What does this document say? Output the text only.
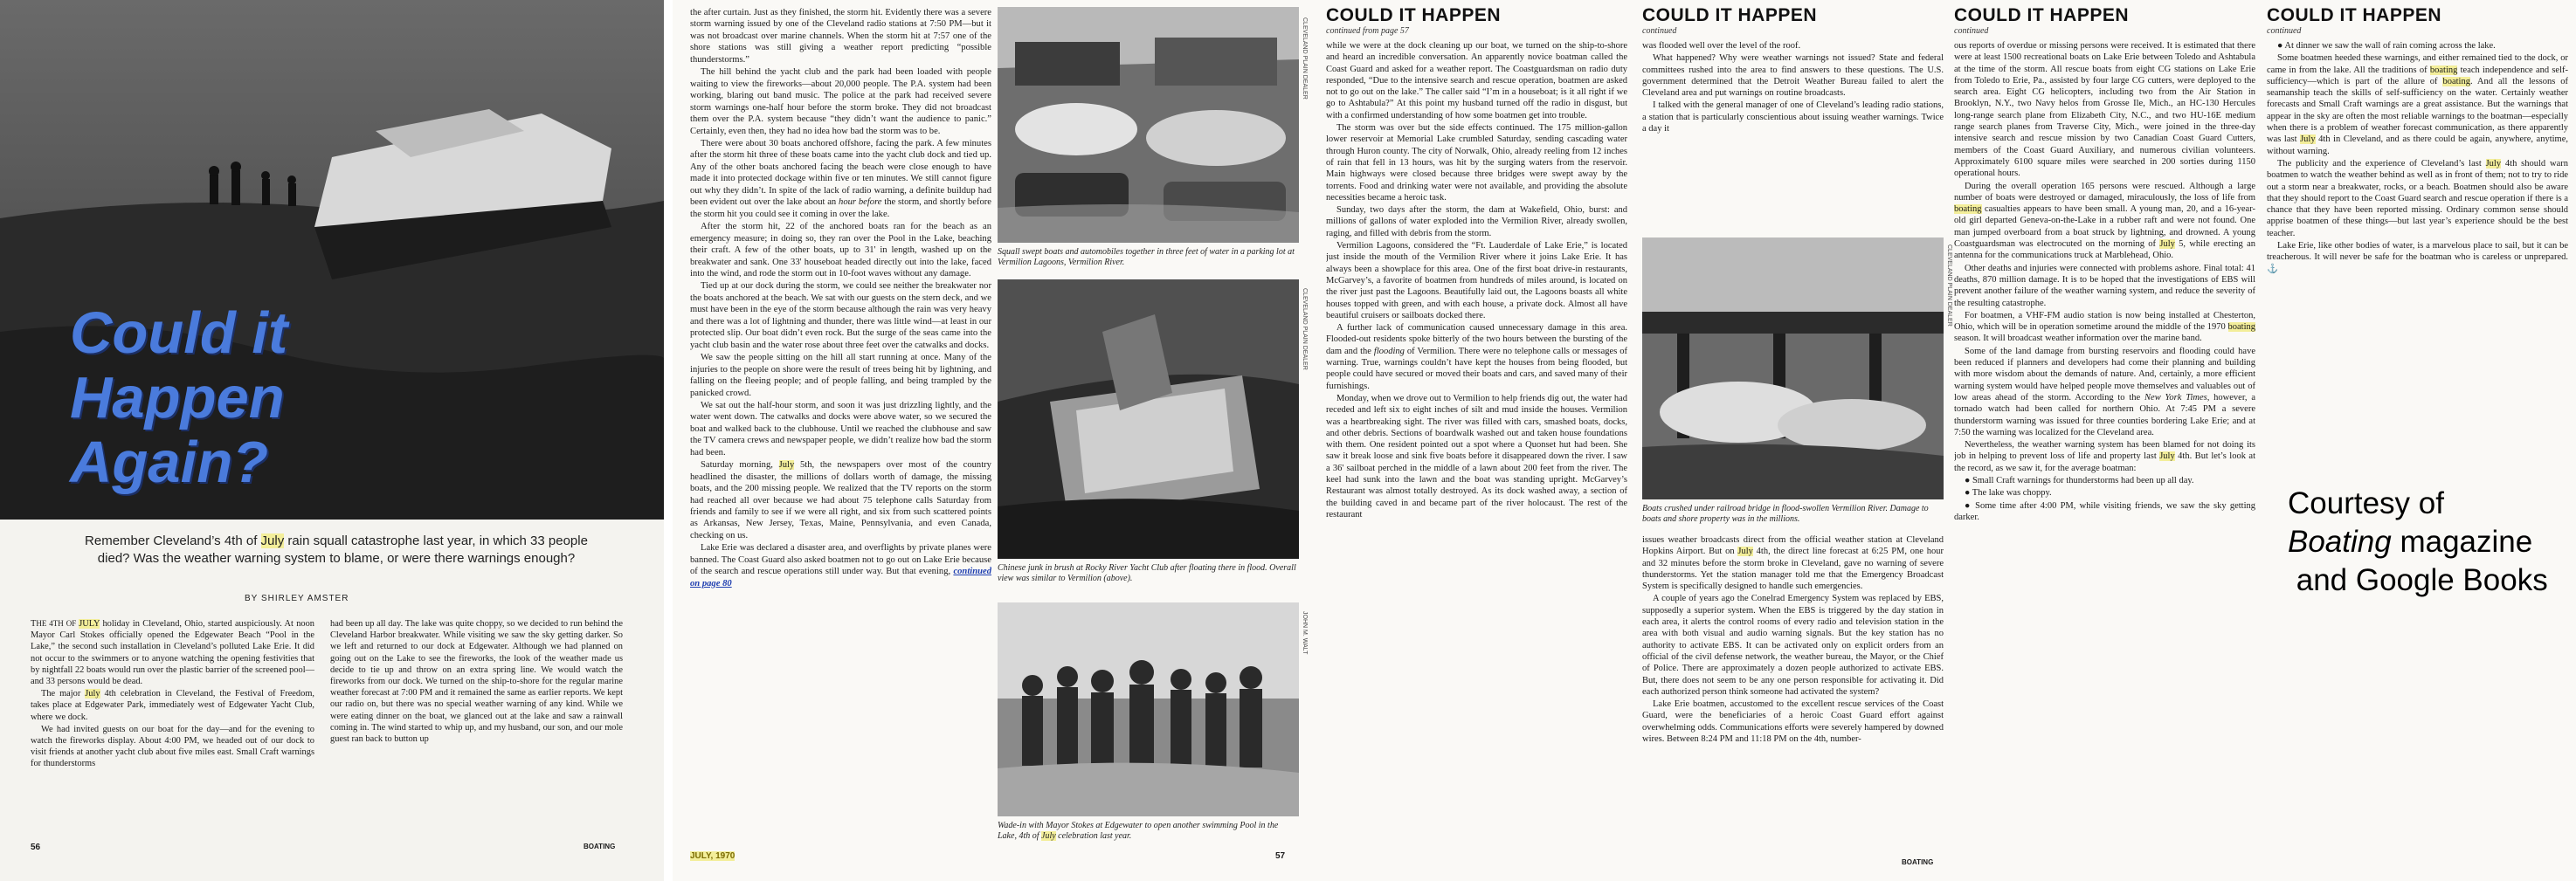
Could it
Happen
Again?
Remember Cleveland’s 4th of July rain squall catastrophe last year, in which 33 people died? Was the weather warning system to blame, or were there warnings enough?
BY SHIRLEY AMSTER

THE 4TH OF JULY holiday in Cleveland, Ohio, started auspiciously. At noon Mayor Carl Stokes officially opened the Edgewater Beach “Pool in the Lake,” the second such installation in Cleveland’s polluted Lake Erie. It did not occur to the swimmers or to anyone watching the opening festivities that by nightfall 22 boats would run over the plastic barrier of the screened pool—and 33 persons would be dead.

The major July 4th celebration in Cleveland, the Festival of Freedom, takes place at Edgewater Park, immediately west of Edgewater Yacht Club, where we dock.

We had invited guests on our boat for the day—and for the evening to watch the fireworks display. About 4:00 PM, we headed out of our dock to visit friends at another yacht club about five miles east. Small Craft warnings for thunderstorms

had been up all day. The lake was quite choppy, so we decided to run behind the Cleveland Harbor breakwater. While visiting we saw the sky getting darker. So we left and returned to our dock at Edgewater. Although we had planned on going out on the Lake to see the fireworks, the look of the weather made us decide to tie up and throw on an extra spring line. We would watch the fireworks from our dock. We turned on the ship-to-shore for the regular marine weather forecast at 7:00 PM and it remained the same as earlier reports. We kept our radio on, but there was no special weather warning of any kind. While we were eating dinner on the boat, we glanced out at the lake and saw a rainwall coming in. The wind started to whip up, and my husband, our son, and our mole guest ran back to button up
56	BOATING

the after curtain. Just as they finished, the storm hit. Evidently there was a severe storm warning issued by one of the Cleveland radio stations at 7:50 PM—but it was not broadcast over marine channels. When the storm hit at 7:57 one of the shore stations was still giving a weather report predicting “possible thunderstorms.”

The hill behind the yacht club and the park had been loaded with people waiting to view the fireworks—about 20,000 people. The P.A. system had been working, blaring out band music. The police at the park had received severe storm warnings one-half hour before the storm broke. They did not broadcast them over the P.A. system because “they didn’t want the audience to panic.” Certainly, even then, they had no idea how bad the storm was to be.

There were about 30 boats anchored offshore, facing the park. A few minutes after the storm hit three of these boats came into the yacht club dock and tied up. Any of the other boats anchored facing the beach were close enough to have made it into protected dockage within five or ten minutes. We still cannot figure out why they didn’t. In spite of the lack of radio warning, a definite buildup had been evident out over the lake about an hour before the storm, and shortly before the storm hit you could see it coming in over the lake.

After the storm hit, 22 of the anchored boats ran for the beach as an emergency measure; in doing so, they ran over the Pool in the Lake, beaching their craft. A few of the other boats, up to 31' in length, washed up on the breakwater and sank. One 33' houseboat headed directly out into the lake, faced into the wind, and rode the storm out in 10-foot waves without any damage.

Tied up at our dock during the storm, we could see neither the breakwater nor the boats anchored at the beach. We sat with our guests on the stern deck, and we must have been in the eye of the storm because although the rain was very heavy and there was a lot of lightning and thunder, there was little wind—at least in our protected slip. Our boat didn’t even rock. But the surge of the seas came into the yacht club basin and the water rose about three feet over the catwalks and docks.

We saw the people sitting on the hill all start running at once. Many of the injuries to the people on shore were the result of trees being hit by lightning, and falling on the fleeing people; and of people falling, and being trampled by the panicked crowd.

We sat out the half-hour storm, and soon it was just drizzling lightly, and the water went down. The catwalks and docks were above water, so we secured the boat and walked back to the clubhouse. Until we reached the clubhouse and saw the TV camera crews and newspaper people, we didn’t realize how bad the storm had been.

Saturday morning, July 5th, the newspapers over most of the country headlined the disaster, the millions of dollars worth of damage, the missing boats, and the 200 missing people. We realized that the TV reports on the storm had reached all over because we had about 75 telephone calls Saturday from friends and family to see if we were all right, and six from such scattered points as Arkansas, New Jersey, Texas, Maine, Pennsylvania, and even Canada, checking on us.

Lake Erie was declared a disaster area, and overflights by private planes were banned. The Coast Guard also asked boatmen not to go out on Lake Erie because of the search and rescue operations still under way. But that evening, continued on page 80

CLEVELAND PLAIN DEALER
Squall swept boats and automobiles together in three feet of water in a parking lot at Vermilion Lagoons, Vermilion River.
CLEVELAND PLAIN DEALER
Chinese junk in brush at Rocky River Yacht Club after floating there in flood. Overall view was similar to Vermilion (above).
JOHN M. WALT
Wade-in with Mayor Stokes at Edgewater to open another swimming Pool in the Lake, 4th of July celebration last year.
JULY, 1970	57
COULD IT HAPPEN
continued from page 57

while we were at the dock cleaning up our boat, we turned on the ship-to-shore and heard an incredible conversation. An apparently novice boatman called the Coast Guard and asked for a weather report. The Coastguardsman on radio duty responded, “Due to the intensive search and rescue operation, boatmen are asked not to go out on the lake.” The caller said “I’m in a houseboat; is it all right if we go to Ashtabula?” At this point my husband turned off the radio in disgust, but with a confirmed understanding of how some boatmen get into trouble.

The storm was over but the side effects continued. The 175 million-gallon lower reservoir at Memorial Lake crumbled Saturday, sending cascading water through Huron county. The city of Norwalk, Ohio, already reeling from 12 inches of rain that fell in 13 hours, was hit by the surging waters from the reservoir. Main highways were closed because three bridges were swept away by the torrents. Food and drinking water were not available, and providing the absolute necessities became a heroic task.

Sunday, two days after the storm, the dam at Wakefield, Ohio, burst: and millions of gallons of water exploded into the Vermilion River, already swollen, raging, and filled with debris from the storm.

Vermilion Lagoons, considered the “Ft. Lauderdale of Lake Erie,” is located just inside the mouth of the Vermilion River where it joins Lake Erie. It has always been a showplace for this area. One of the first boat drive-in restaurants, McGarvey’s, a favorite of boatmen from hundreds of miles around, is located on the river just past the Lagoons. Beautifully laid out, the Lagoons boasts all white houses topped with green, and with each house, a private dock. Almost all have beautiful cruisers or sailboats docked there.

A further lack of communication caused unnecessary damage in this area. Flooded-out residents spoke bitterly of the two hours between the bursting of the dam and the flooding of Vermilion. There were no telephone calls or messages of warning. True, warnings couldn’t have kept the houses from being flooded, but people could have secured or moved their boats and cars, and saved many of their furnishings.

Monday, when we drove out to Vermilion to help friends dig out, the water had receded and left six to eight inches of silt and mud inside the houses. Vermilion was a heartbreaking sight. The river was filled with cars, smashed boats, docks, and other debris. Sections of boardwalk washed out and taken house foundations with them. One resident pointed out a spot where a Quonset hut had been. She saw it break loose and sink five boats before it disappeared down the river. I saw a 36' sailboat perched in the middle of a lawn about 200 feet from the river. The keel had sunk into the lawn and the boat was standing upright. McGarvey’s Restaurant was almost totally destroyed. As its dock washed away, a section of the building caved in and became part of the river holocaust. The rest of the restaurant

COULD IT HAPPEN
continued

was flooded well over the level of the roof.

What happened? Why were weather warnings not issued? State and federal committees rushed into the area to find answers to these questions. The U.S. government determined that the Detroit Weather Bureau failed to alert the Cleveland area and put warnings on routine broadcasts.

I talked with the general manager of one of Cleveland’s leading radio stations, a station that is particularly conscientious about issuing weather warnings. Twice a day it

CLEVELAND PLAIN DEALER
Boats crushed under railroad bridge in flood-swollen Vermilion River. Damage to boats and shore property was in the millions.

issues weather broadcasts direct from the official weather station at Cleveland Hopkins Airport. But on July 4th, the direct line forecast at 6:25 PM, one hour and 32 minutes before the storm broke in Cleveland, gave no warning of severe thunderstorms. Yet the station manager told me that the Emergency Broadcast System is specifically designed to handle such emergencies.

A couple of years ago the Conelrad Emergency System was replaced by EBS, supposedly a superior system. When the EBS is triggered by the day station in each area, it alerts the control rooms of every radio and television station in the area with both visual and audio warning signals. But the key station has no authority to activate EBS. It can be activated only on explicit orders from an official of the civil defense network, the weather bureau, the Mayor, or the Chief of Police. There are approximately a dozen people authorized to activate EBS. But, there does not seem to be any one person responsible for activating it. Did each authorized person think someone had activated the system?

Lake Erie boatmen, accustomed to the excellent rescue services of the Coast Guard, were the beneficiaries of a heroic Coast Guard effort against overwhelming odds. Communications efforts were severely hampered by downed wires. Between 8:24 PM and 11:18 PM on the 4th, number-

BOATING
COULD IT HAPPEN
continued

ous reports of overdue or missing persons were received. It is estimated that there were at least 1500 recreational boats on Lake Erie between Toledo and Ashtabula at the time of the storm. All rescue boats from eight CG stations on Lake Erie from Toledo to Erie, Pa., assisted by four large CG cutters, were deployed to the search area. Eight CG helicopters, including two from the Air Station in Brooklyn, N.Y., two Navy helos from Grosse Ile, Mich., an HC-130 Hercules long-range search plane from Elizabeth City, N.C., and two HU-16E medium range search planes from Traverse City, Mich., were joined in the three-day intensive search and rescue mission by two Canadian Coast Guard Cutters, members of the Coast Guard Auxiliary, and numerous civilian volunteers. Approximately 6100 square miles were searched in 200 sorties during 1150 operational hours.

During the overall operation 165 persons were rescued. Although a large number of boats were destroyed or damaged, miraculously, the loss of life from boating casualties appears to have been small. A young man, 20, and a 16-year-old girl departed Geneva-on-the-Lake in a rubber raft and were not found. One man jumped overboard from a boat struck by lightning, and drowned. A young Coastguardsman was electrocuted on the morning of July 5, while erecting an antenna for the communications truck at Marblehead, Ohio.

Other deaths and injuries were connected with problems ashore. Final total: 41 deaths, 870 million damage. It is to be hoped that the investigations of EBS will prevent another failure of the weather warning system, and reduce the severity of the resulting catastrophe.

For boatmen, a VHF-FM audio station is now being installed at Chesterton, Ohio, which will be in operation sometime around the middle of the 1970 boating season. It will broadcast weather information over the marine band.

Some of the land damage from bursting reservoirs and flooding could have been reduced if planners and developers had come their planning and building with more wisdom about the demands of nature. And, certainly, a more efficient warning system would have helped people move themselves and valuables out of low areas ahead of the storm. According to the New York Times, however, a tornado watch had been called for northern Ohio. At 7:45 PM a severe thunderstorm warning was issued for three counties bordering Lake Erie; and at 7:50 the warning was localized for the Cleveland area.

Nevertheless, the weather warning system has been blamed for not doing its job in helping to prevent loss of life and property last July 4th. But let’s look at the record, as we saw it, for the average boatman:

● Small Craft warnings for thunderstorms had been up all day.

● The lake was choppy.

● Some time after 4:00 PM, while visiting friends, we saw the sky getting darker.

COULD IT HAPPEN
continued

● At dinner we saw the wall of rain coming across the lake.

Some boatmen heeded these warnings, and either remained tied to the dock, or came in from the lake. All the traditions of boating teach independence and self-sufficiency—which is part of the allure of boating. And all the lessons of seamanship teach the skills of self-sufficiency on the water. Certainly weather forecasts and Small Craft warnings are a great assistance. But the warnings that appear in the sky are often the most reliable warnings to the boatman—especially when there is a problem of weather forecast communication, as there apparently was last July 4th in Cleveland, and as there could be again, anywhere, anytime, without warning.

The publicity and the experience of Cleveland’s last July 4th should warn boatmen to watch the weather behind as well as in front of them; not to try to ride out a storm near a breakwater, rocks, or a beach. Boatmen should also be aware that they should report to the Coast Guard search and rescue operation if there is a chance that they have been reported missing. Ordinary common sense should apprise boatmen of these things—but last year’s experience should be the best teacher.

Lake Erie, like other bodies of water, is a marvelous place to sail, but it can be treacherous. It will never be safe for the boatman who is careless or unprepared. ⚓

Courtesy of
Boating magazine
and Google Books
